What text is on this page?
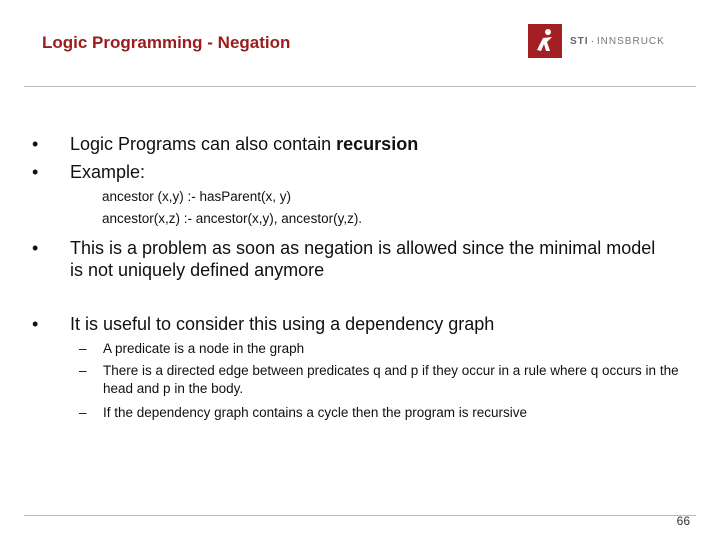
Logic Programming - Negation	STI · INNSBRUCK
•	Logic Programs can also contain recursion
•	Example:
ancestor (x,y) :- hasParent(x, y)
ancestor(x,z) :- ancestor(x,y), ancestor(y,z).
•	This is a problem as soon as negation is allowed since the minimal model is not uniquely defined anymore
•	It is useful to consider this using a dependency graph
–	A predicate is a node in the graph
–	There is a directed edge between predicates q and p if they occur in a rule where q occurs in the head and p in the body.
–	If the dependency graph contains a cycle then the program is recursive
66
